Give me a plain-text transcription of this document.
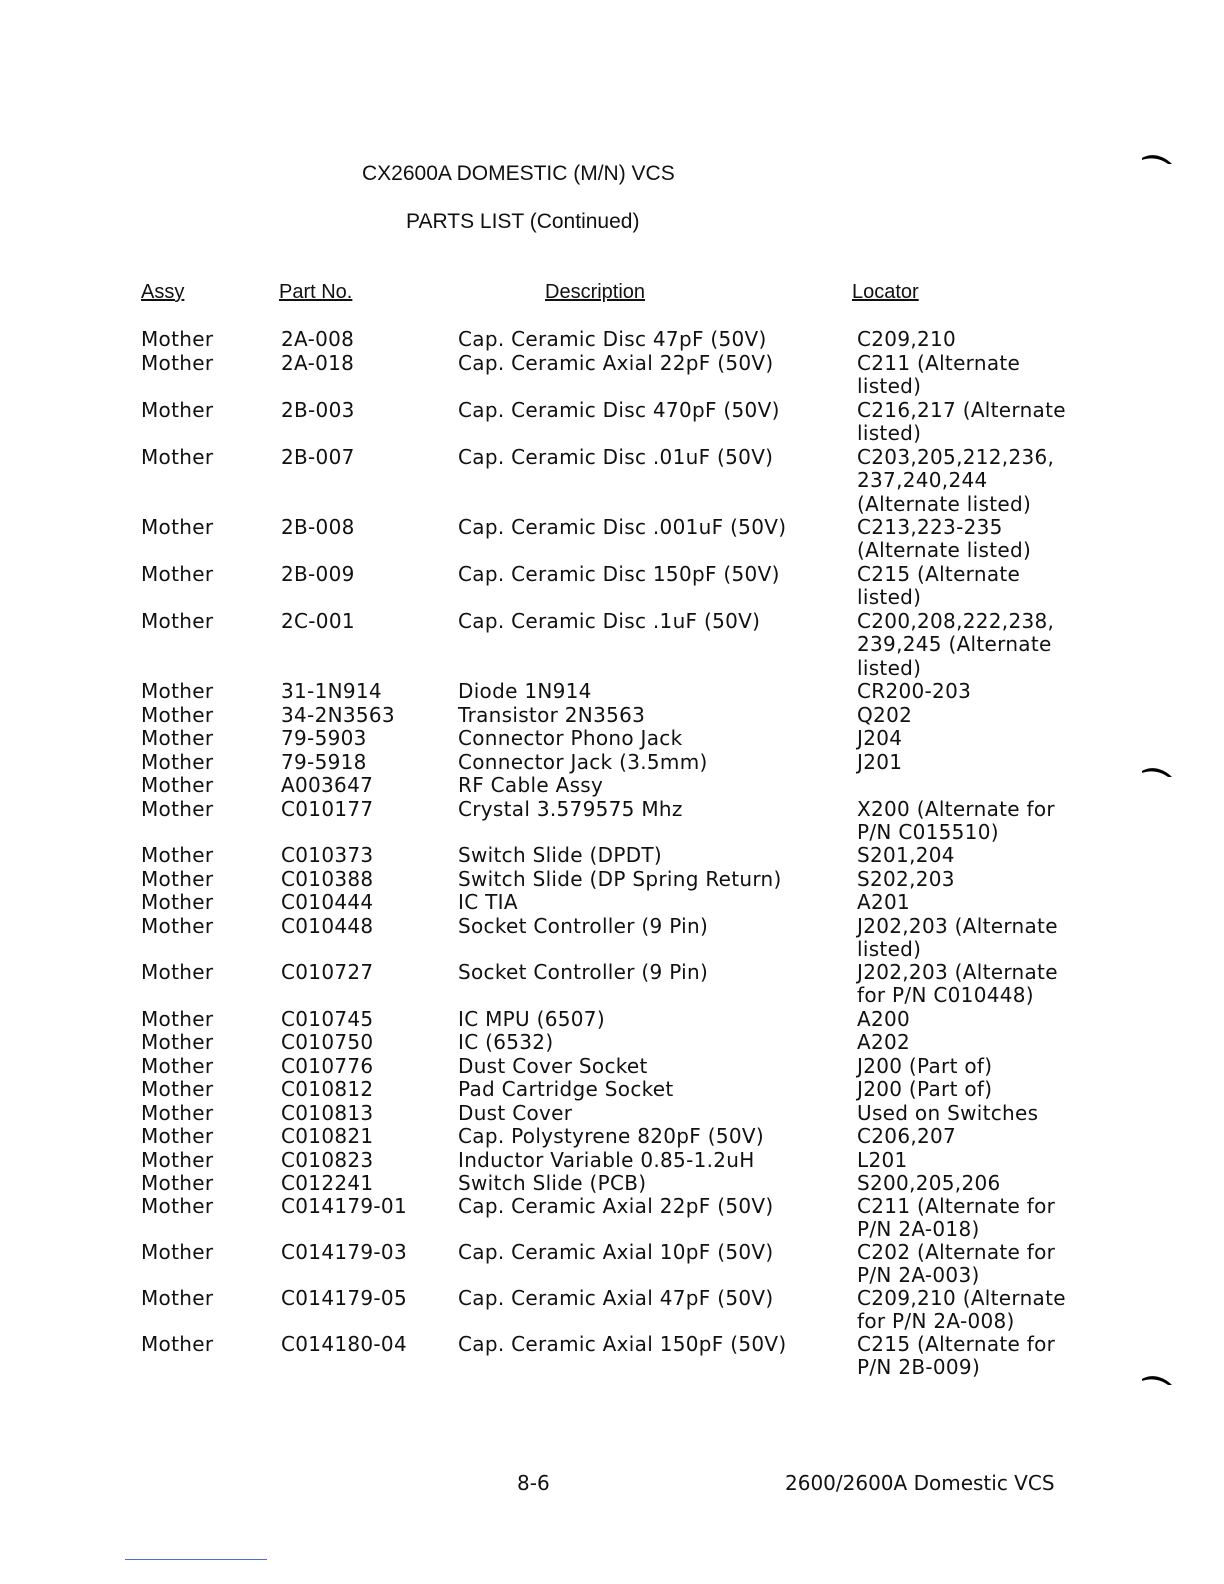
CX2600A DOMESTIC (M/N) VCS
PARTS LIST (Continued)
Assy	Part No.	Description	Locator
Mother	2A-008	Cap. Ceramic Disc 47pF (50V)	C209,210
Mother	2A-018	Cap. Ceramic Axial 22pF (50V)	C211 (Alternate
listed)
Mother	2B-003	Cap. Ceramic Disc 470pF (50V)	C216,217 (Alternate
listed)
Mother	2B-007	Cap. Ceramic Disc .01uF (50V)	C203,205,212,236,
237,240,244
(Alternate listed)
Mother	2B-008	Cap. Ceramic Disc .001uF (50V)	C213,223-235
(Alternate listed)
Mother	2B-009	Cap. Ceramic Disc 150pF (50V)	C215 (Alternate
listed)
Mother	2C-001	Cap. Ceramic Disc .1uF (50V)	C200,208,222,238,
239,245 (Alternate
listed)
Mother	31-1N914	Diode 1N914	CR200-203
Mother	34-2N3563	Transistor 2N3563	Q202
Mother	79-5903	Connector Phono Jack	J204
Mother	79-5918	Connector Jack (3.5mm)	J201
Mother	A003647	RF Cable Assy
Mother	C010177	Crystal 3.579575 Mhz	X200 (Alternate for
P/N C015510)
Mother	C010373	Switch Slide (DPDT)	S201,204
Mother	C010388	Switch Slide (DP Spring Return)	S202,203
Mother	C010444	IC TIA	A201
Mother	C010448	Socket Controller (9 Pin)	J202,203 (Alternate
listed)
Mother	C010727	Socket Controller (9 Pin)	J202,203 (Alternate
for P/N C010448)
Mother	C010745	IC MPU (6507)	A200
Mother	C010750	IC (6532)	A202
Mother	C010776	Dust Cover Socket	J200 (Part of)
Mother	C010812	Pad Cartridge Socket	J200 (Part of)
Mother	C010813	Dust Cover	Used on Switches
Mother	C010821	Cap. Polystyrene 820pF (50V)	C206,207
Mother	C010823	Inductor Variable 0.85-1.2uH	L201
Mother	C012241	Switch Slide (PCB)	S200,205,206
Mother	C014179-01	Cap. Ceramic Axial 22pF (50V)	C211 (Alternate for
P/N 2A-018)
Mother	C014179-03	Cap. Ceramic Axial 10pF (50V)	C202 (Alternate for
P/N 2A-003)
Mother	C014179-05	Cap. Ceramic Axial 47pF (50V)	C209,210 (Alternate
for P/N 2A-008)
Mother	C014180-04	Cap. Ceramic Axial 150pF (50V)	C215 (Alternate for
P/N 2B-009)
8-6	2600/2600A Domestic VCS
